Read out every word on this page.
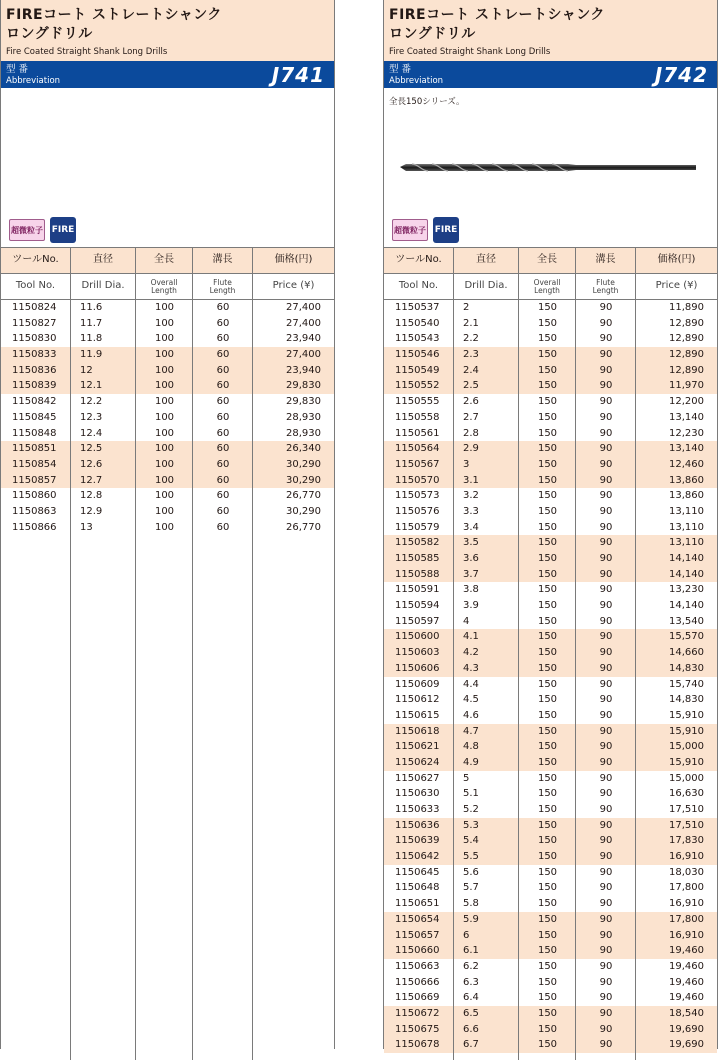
FIREコート ストレートシャンク
ロングドリル
Fire Coated Straight Shank Long Drills
型 番
Abbreviation	J741
超微粒子 FIRE
ツールNo.	直径	全長	溝長	価格(円)
Tool No.	Drill Dia.	Overall
Length
Flute
Length	Price (¥)
1150824	11.6	100	60	27,400
1150827	11.7	100	60	27,400
1150830	11.8	100	60	23,940
1150833	11.9	100	60	27,400
1150836	12	100	60	23,940
1150839	12.1	100	60	29,830
1150842	12.2	100	60	29,830
1150845	12.3	100	60	28,930
1150848	12.4	100	60	28,930
1150851	12.5	100	60	26,340
1150854	12.6	100	60	30,290
1150857	12.7	100	60	30,290
1150860	12.8	100	60	26,770
1150863	12.9	100	60	30,290
1150866	13	100	60	26,770
FIREコート ストレートシャンク
ロングドリル
Fire Coated Straight Shank Long Drills
型 番
Abbreviation	J742
全長150シリーズ。
超微粒子 FIRE
ツールNo.	直径	全長	溝長	価格(円)
Tool No.	Drill Dia.	Overall
Length
Flute
Length	Price (¥)
1150537	2	150	90	11,890
1150540	2.1	150	90	12,890
1150543	2.2	150	90	12,890
1150546	2.3	150	90	12,890
1150549	2.4	150	90	12,890
1150552	2.5	150	90	11,970
1150555	2.6	150	90	12,200
1150558	2.7	150	90	13,140
1150561	2.8	150	90	12,230
1150564	2.9	150	90	13,140
1150567	3	150	90	12,460
1150570	3.1	150	90	13,860
1150573	3.2	150	90	13,860
1150576	3.3	150	90	13,110
1150579	3.4	150	90	13,110
1150582	3.5	150	90	13,110
1150585	3.6	150	90	14,140
1150588	3.7	150	90	14,140
1150591	3.8	150	90	13,230
1150594	3.9	150	90	14,140
1150597	4	150	90	13,540
1150600	4.1	150	90	15,570
1150603	4.2	150	90	14,660
1150606	4.3	150	90	14,830
1150609	4.4	150	90	15,740
1150612	4.5	150	90	14,830
1150615	4.6	150	90	15,910
1150618	4.7	150	90	15,910
1150621	4.8	150	90	15,000
1150624	4.9	150	90	15,910
1150627	5	150	90	15,000
1150630	5.1	150	90	16,630
1150633	5.2	150	90	17,510
1150636	5.3	150	90	17,510
1150639	5.4	150	90	17,830
1150642	5.5	150	90	16,910
1150645	5.6	150	90	18,030
1150648	5.7	150	90	17,800
1150651	5.8	150	90	16,910
1150654	5.9	150	90	17,800
1150657	6	150	90	16,910
1150660	6.1	150	90	19,460
1150663	6.2	150	90	19,460
1150666	6.3	150	90	19,460
1150669	6.4	150	90	19,460
1150672	6.5	150	90	18,540
1150675	6.6	150	90	19,690
1150678	6.7	150	90	19,690
